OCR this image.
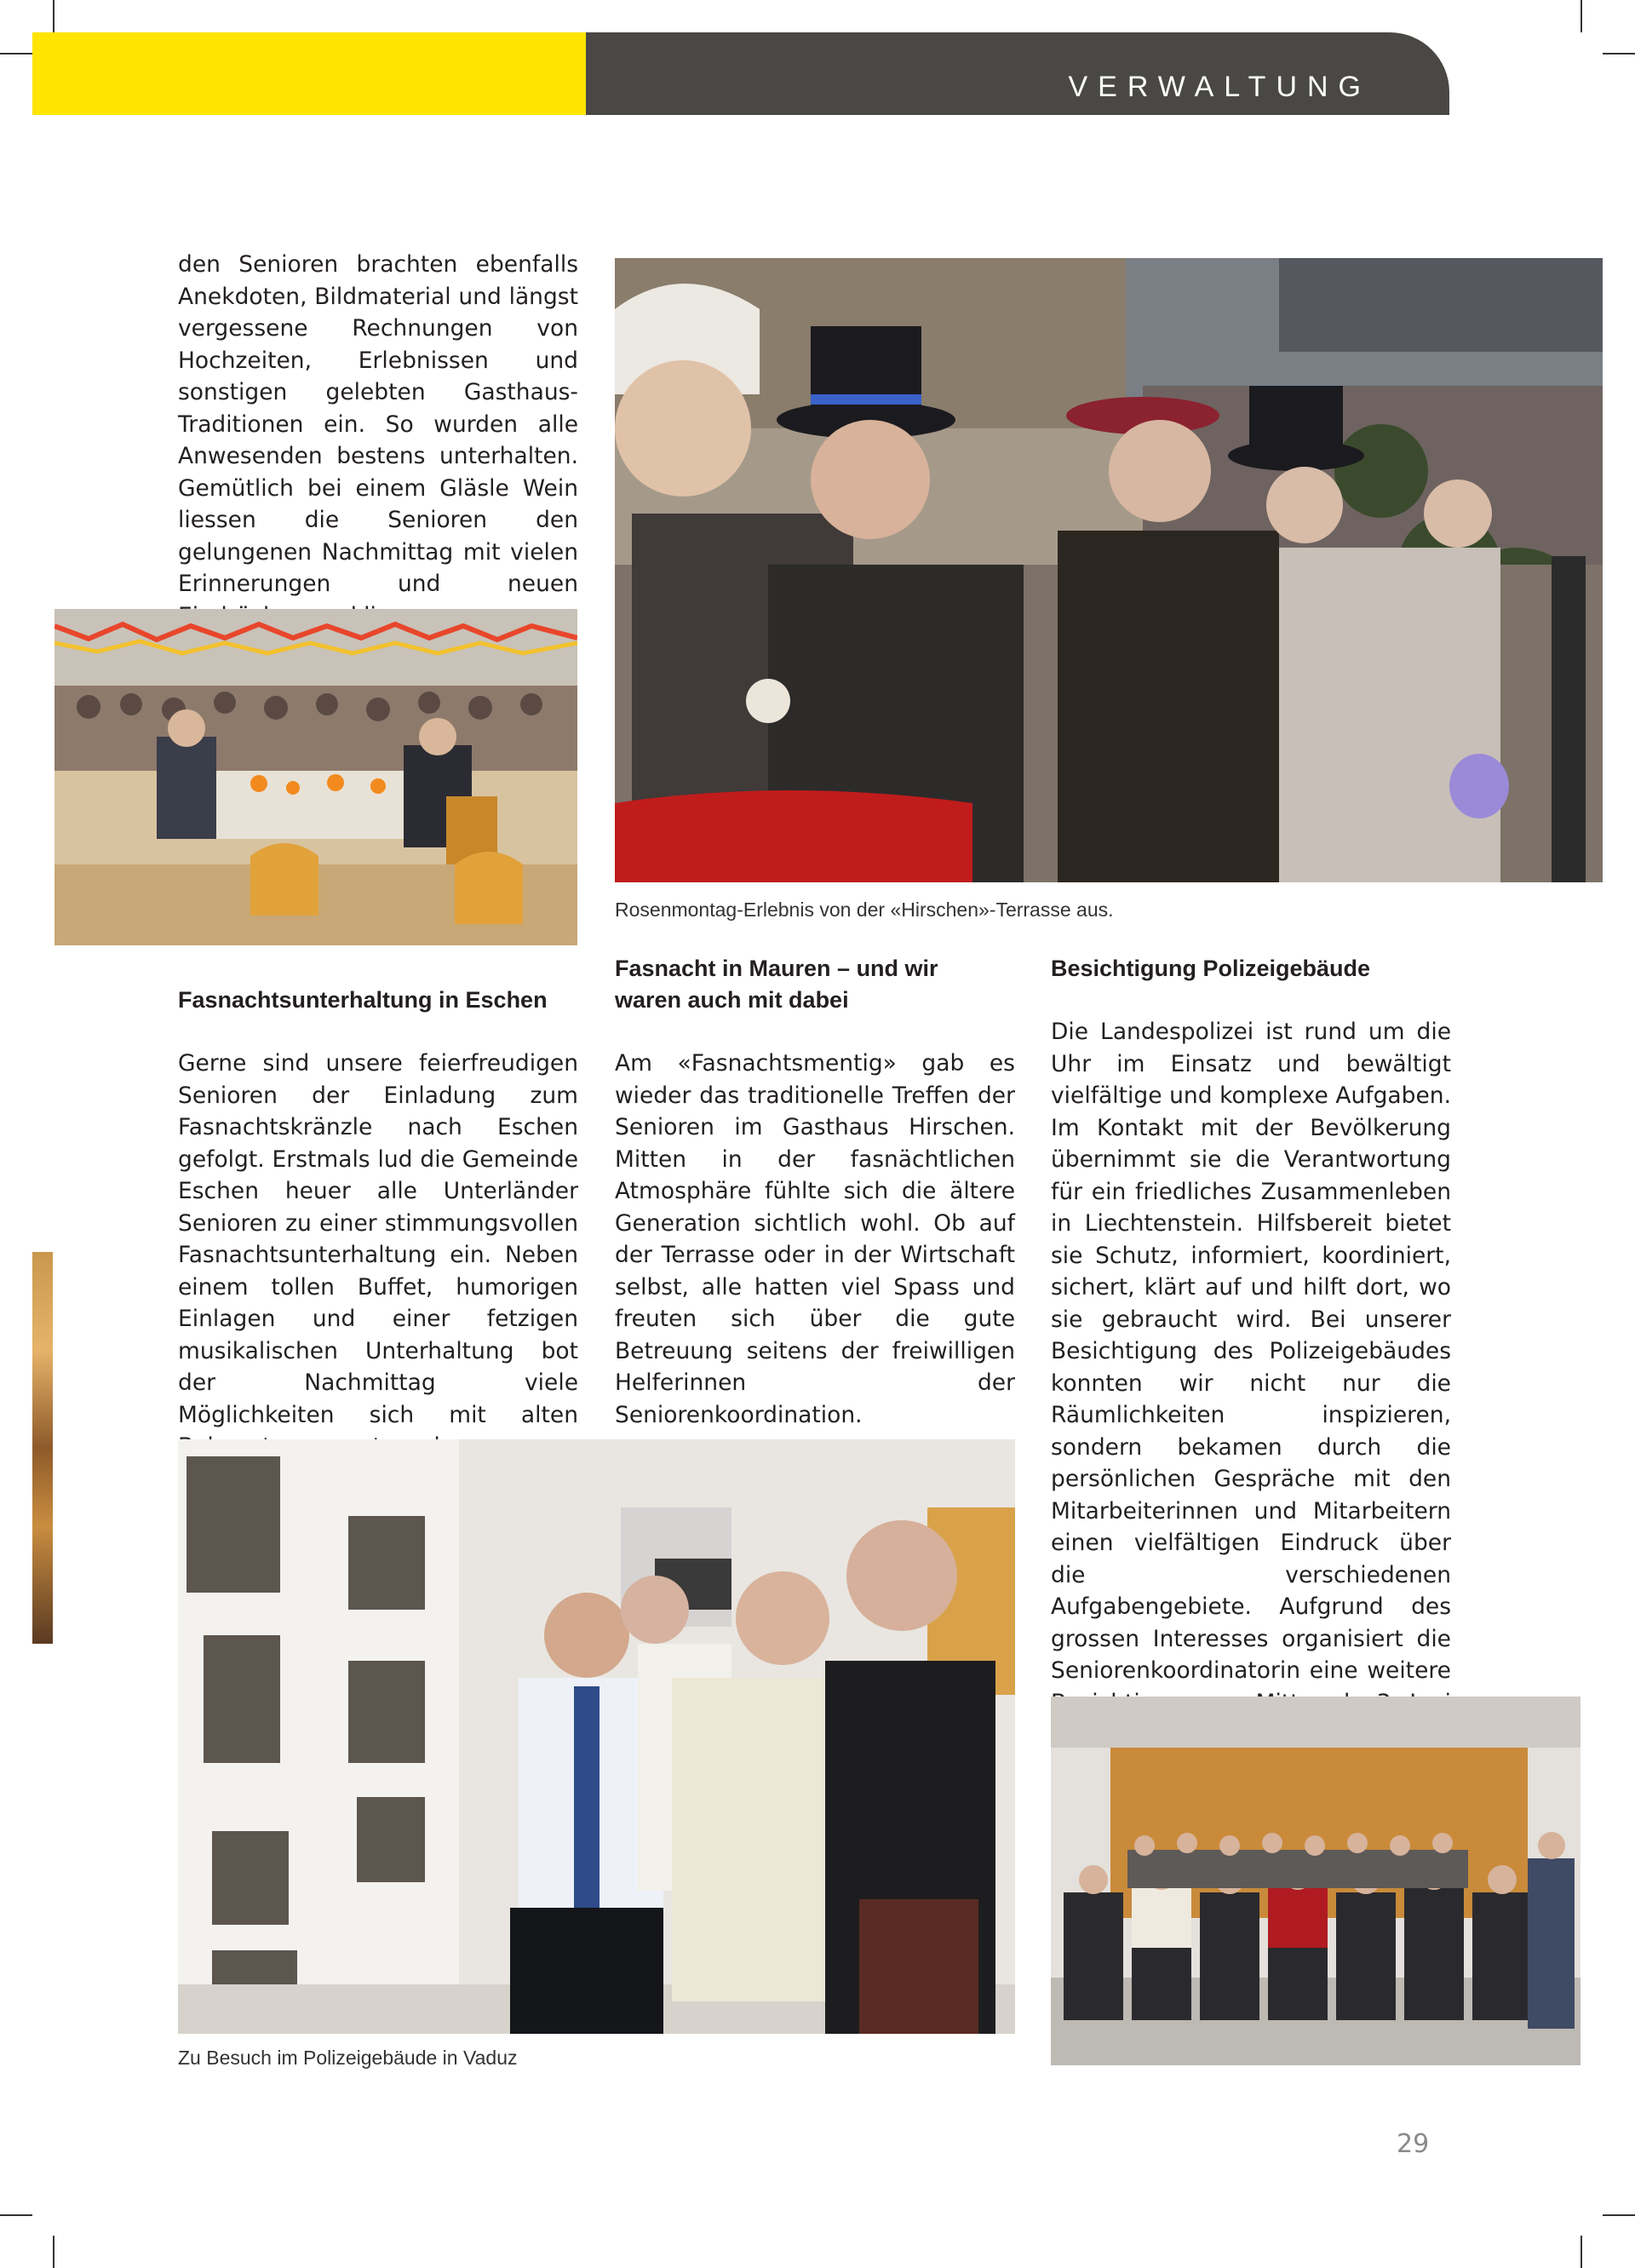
VERWALTUNG

den Senioren brachten ebenfalls Anekdoten, Bildmaterial und längst vergessene Rechnungen von Hochzeiten, Erlebnissen und sonstigen gelebten Gasthaus-Traditionen ein. So wurden alle Anwesenden bestens unterhalten. Gemütlich bei einem Gläsle Wein liessen die Senioren den gelungenen Nachmittag mit vielen Erinnerungen und neuen

Rosenmontag-Erlebnis von der «Hirschen»-Terrasse aus.
Fasnachtsunterhaltung in Eschen

Gerne sind unsere feierfreudigen Senioren der Einladung zum Fasnachtskränzle nach Eschen gefolgt. Erstmals lud die Gemeinde Eschen heuer alle Unterländer Senioren zu einer stimmungsvollen Fasnachtsunterhaltung ein. Neben einem tollen Buffet, humorigen Einlagen und einer fetzigen musikalischen Unterhaltung bot der Nachmittag viele Möglichkeiten sich mit alten

Fasnacht in Mauren – und wir waren auch mit dabei

Am «Fasnachtsmentig» gab es wieder das traditionelle Treffen der Senioren im Gasthaus Hirschen. Mitten in der fasnächtlichen Atmosphäre fühlte sich die ältere Generation sichtlich wohl. Ob auf der Terrasse oder in der Wirtschaft selbst, alle hatten viel Spass und freuten sich über die gute Betreuung seitens der freiwilligen Helferinnen der Seniorenkoordination.

Besichtigung Polizeigebäude

Die Landespolizei ist rund um die Uhr im Einsatz und bewältigt vielfältige und komplexe Aufgaben. Im Kontakt mit der Bevölkerung übernimmt sie die Verantwortung für ein friedliches Zusammenleben in Liechtenstein. Hilfsbereit bietet sie Schutz, informiert, koordiniert, sichert, klärt auf und hilft dort, wo sie gebraucht wird. Bei unserer Besichtigung des Polizeigebäudes konnten wir nicht nur die Räumlichkeiten inspizieren, sondern bekamen durch die persönlichen Gespräche mit den Mitarbeiterinnen und Mitarbeitern einen vielfältigen Eindruck über die verschiedenen Aufgabengebiete. Aufgrund des grossen Interesses organisiert die Seniorenkoordinatorin eine weitere

Zu Besuch im Polizeigebäude in Vaduz
29
